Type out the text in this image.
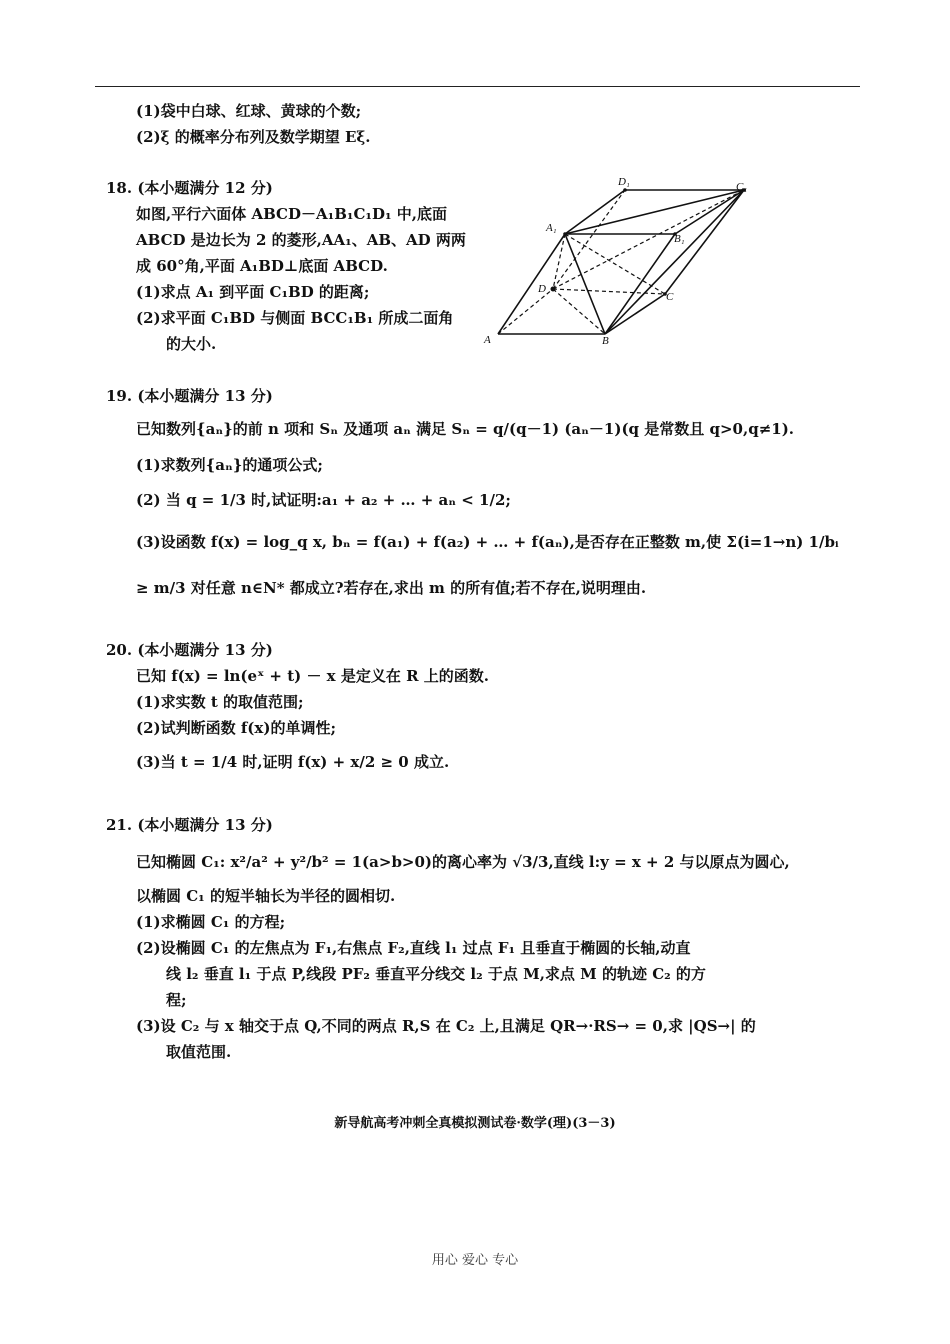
(1)袋中白球、红球、黄球的个数;
(2)ξ 的概率分布列及数学期望 Eξ.
18. (本小题满分 12 分)
如图,平行六面体 ABCD－A₁B₁C₁D₁ 中,底面
ABCD 是边长为 2 的菱形,AA₁、AB、AD 两两
成 60°角,平面 A₁BD⊥底面 ABCD.
(1)求点 A₁ 到平面 C₁BD 的距离;
(2)求平面 C₁BD 与侧面 BCC₁B₁ 所成二面角
的大小.
D₁	C₁
A₁
B₁
D
C
A	B
19. (本小题满分 13 分)
已知数列{aₙ}的前 n 项和 Sₙ 及通项 aₙ 满足 Sₙ = q/(q－1) (aₙ－1)(q 是常数且 q>0,q≠1).
(1)求数列{aₙ}的通项公式;
(2) 当 q = 1/3 时,试证明:a₁ + a₂ + … + aₙ < 1/2;
(3)设函数 f(x) = log_q x, bₙ = f(a₁) + f(a₂) + … + f(aₙ),是否存在正整数 m,使 Σ(i=1→n) 1/bᵢ
≥ m/3 对任意 n∈N* 都成立?若存在,求出 m 的所有值;若不存在,说明理由.
20. (本小题满分 13 分)
已知 f(x) = ln(eˣ + t) － x 是定义在 R 上的函数.
(1)求实数 t 的取值范围;
(2)试判断函数 f(x)的单调性;
(3)当 t = 1/4 时,证明 f(x) + x/2 ≥ 0 成立.
21. (本小题满分 13 分)
已知椭圆 C₁: x²/a² + y²/b² = 1(a>b>0)的离心率为 √3/3,直线 l:y = x + 2 与以原点为圆心,
以椭圆 C₁ 的短半轴长为半径的圆相切.
(1)求椭圆 C₁ 的方程;
(2)设椭圆 C₁ 的左焦点为 F₁,右焦点 F₂,直线 l₁ 过点 F₁ 且垂直于椭圆的长轴,动直
线 l₂ 垂直 l₁ 于点 P,线段 PF₂ 垂直平分线交 l₂ 于点 M,求点 M 的轨迹 C₂ 的方
程;
(3)设 C₂ 与 x 轴交于点 Q,不同的两点 R,S 在 C₂ 上,且满足 QR→·RS→ = 0,求 |QS→| 的
取值范围.
新导航高考冲刺全真模拟测试卷·数学(理)(3－3)
用心 爱心 专心
